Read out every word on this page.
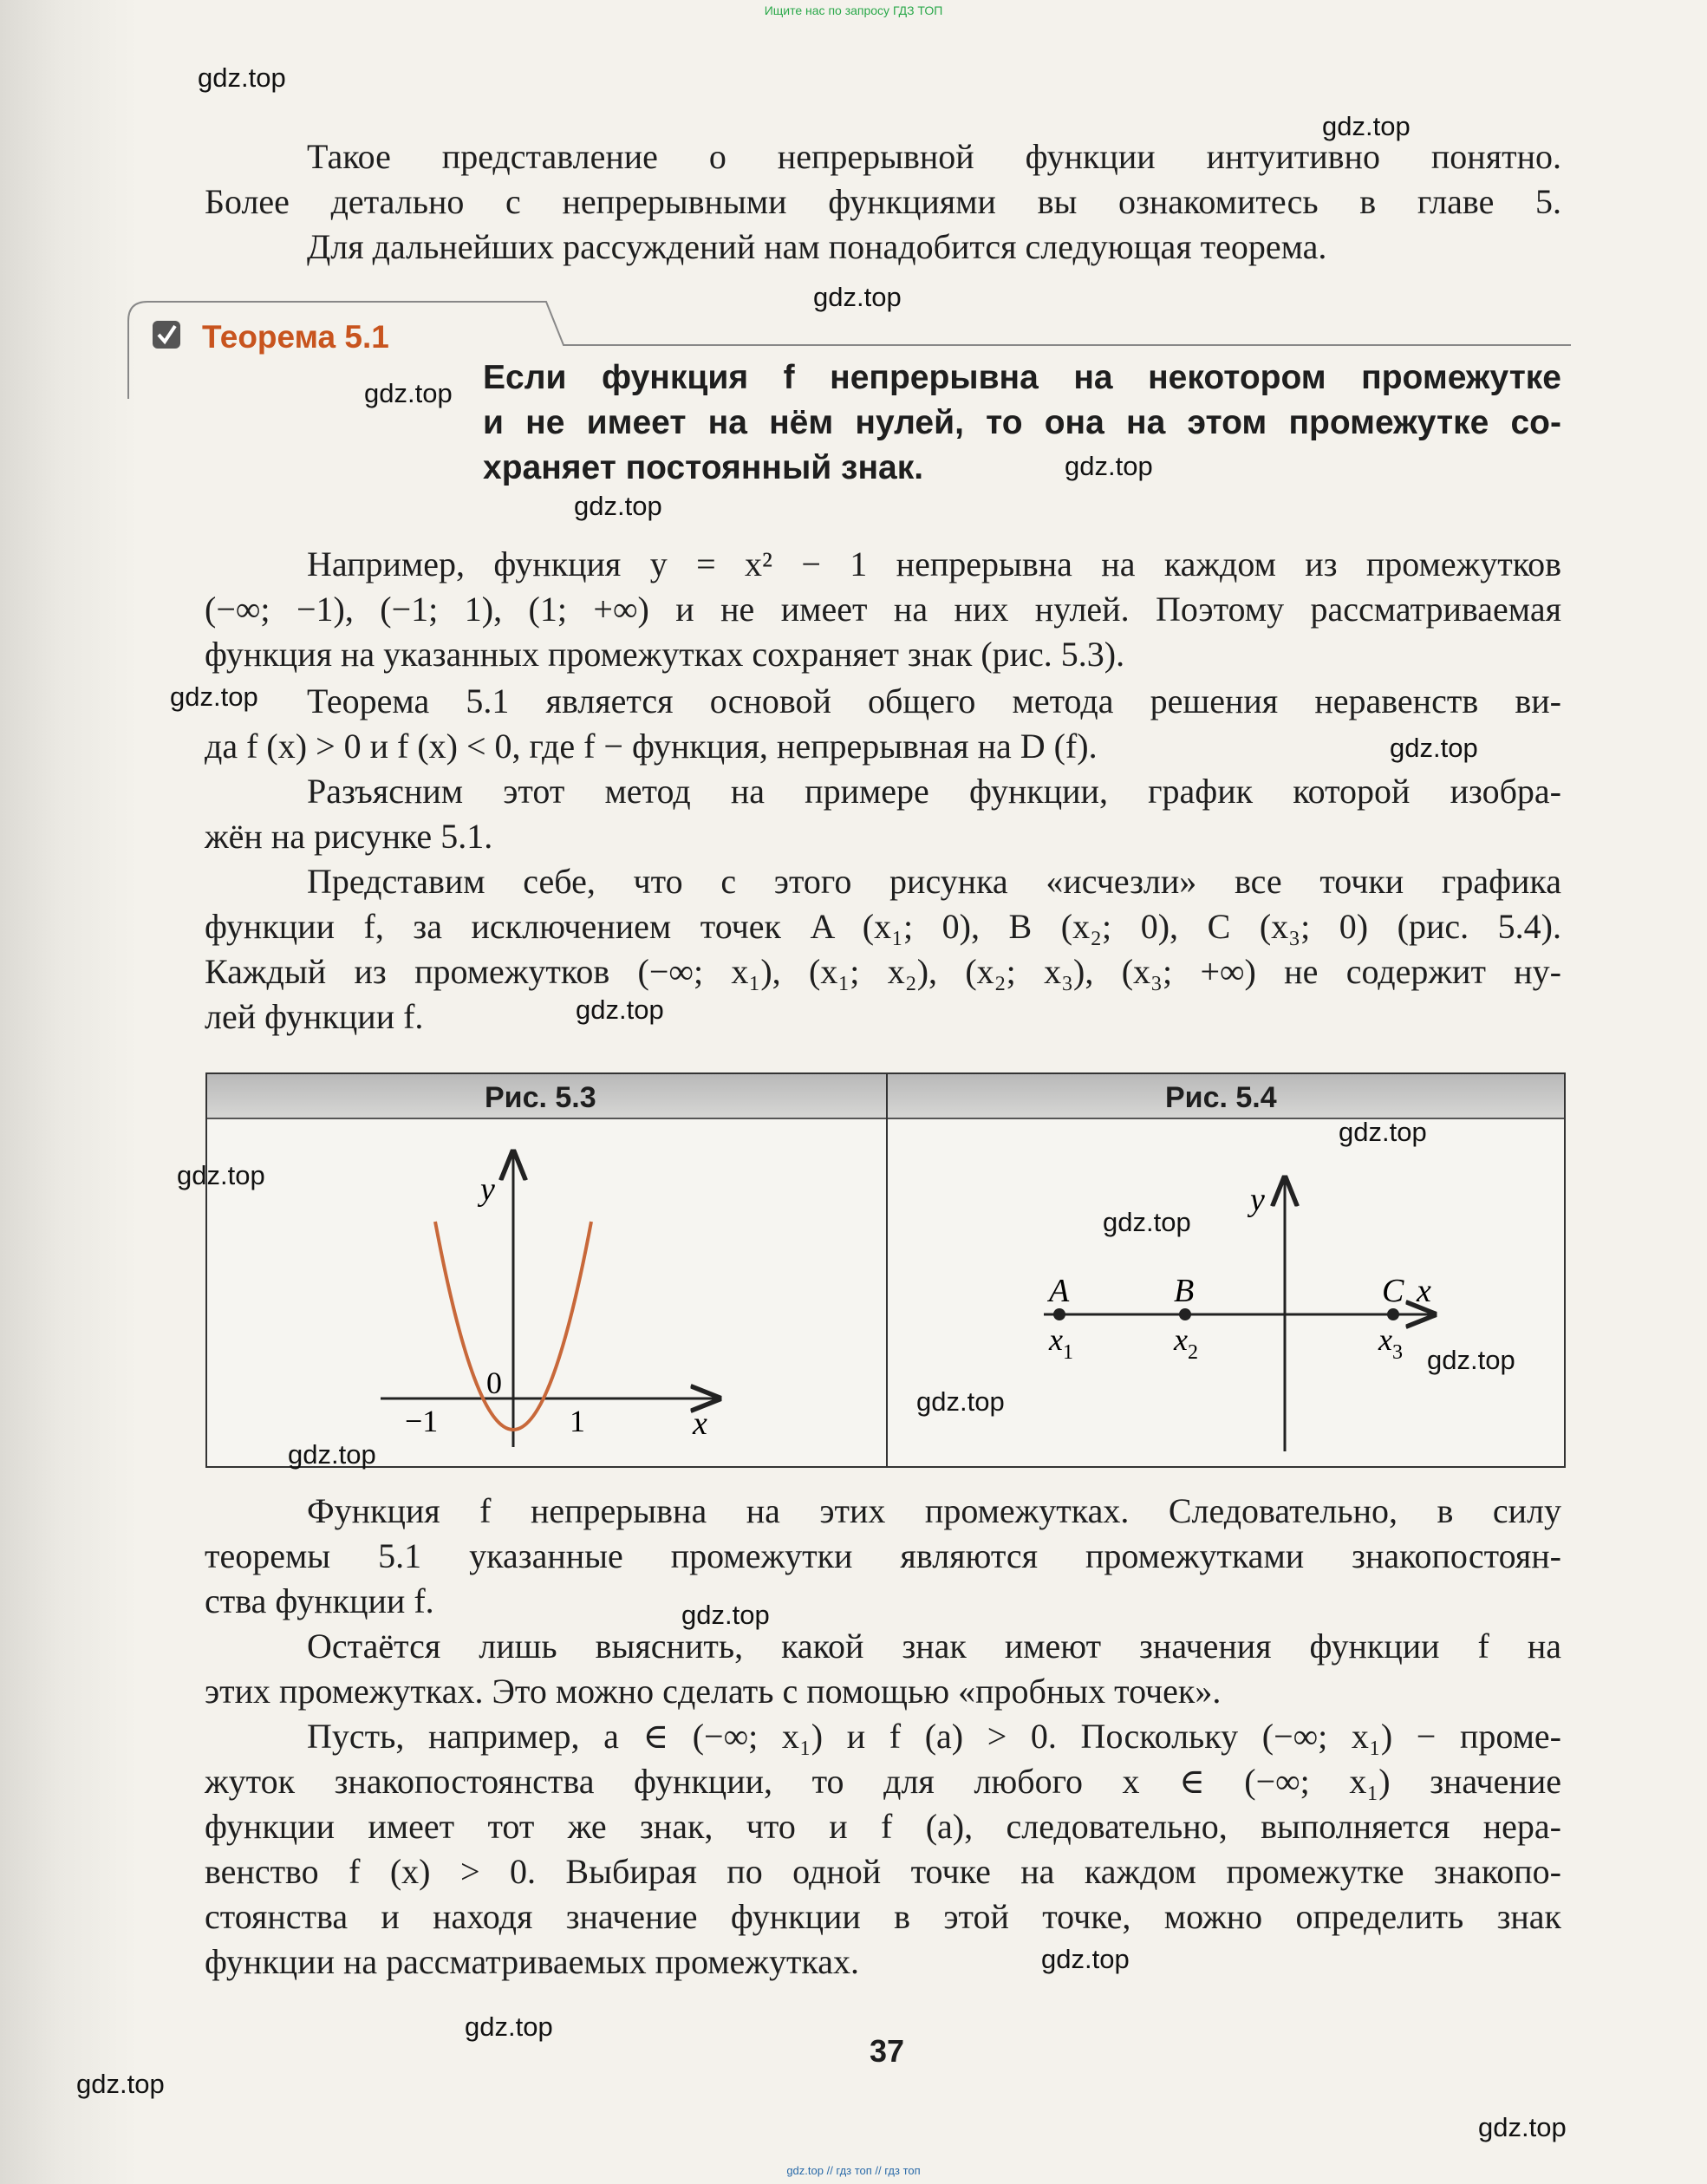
Ищите нас по запросу ГДЗ ТОП
Такое представление о непрерывной функции интуитивно понятно.
Более детально с непрерывными функциями вы ознакомитесь в главе 5.
Для дальнейших рассуждений нам понадобится следующая теорема.
Теорема 5.1
Если функция f непрерывна на некотором промежутке
и не имеет на нём нулей, то она на этом промежутке со-
храняет постоянный знак.
Например, функция y = x² − 1 непрерывна на каждом из промежутков
(−∞; −1), (−1; 1), (1; +∞) и не имеет на них нулей. Поэтому рассматриваемая
функция на указанных промежутках сохраняет знак (рис. 5.3).
Теорема 5.1 является основой общего метода решения неравенств ви-
да f (x) > 0 и f (x) < 0, где f − функция, непрерывная на D (f).
Разъясним этот метод на примере функции, график которой изобра-
жён на рисунке 5.1.
Представим себе, что с этого рисунка «исчезли» все точки графика
функции f, за исключением точек A (x₁; 0), B (x₂; 0), C (x₃; 0) (рис. 5.4).
Каждый из промежутков (−∞; x₁), (x₁; x₂), (x₂; x₃), (x₃; +∞) не содержит ну-
лей функции f.
Рис. 5.3	Рис. 5.4
y
x
0
−1	1
y
x
A
$x_1$
B
$x_2$
C
$x_3$
Функция f непрерывна на этих промежутках. Следовательно, в силу
теоремы 5.1 указанные промежутки являются промежутками знакопостоян-
ства функции f.
Остаётся лишь выяснить, какой знак имеют значения функции f на
этих промежутках. Это можно сделать с помощью «пробных точек».
Пусть, например, a ∈ (−∞; x₁) и f (a) > 0. Поскольку (−∞; x₁) − проме-
жуток знакопостоянства функции, то для любого x ∈ (−∞; x₁) значение
функции имеет тот же знак, что и f (a), следовательно, выполняется нера-
венство f (x) > 0. Выбирая по одной точке на каждом промежутке знакопо-
стоянства и находя значение функции в этой точке, можно определить знак
функции на рассматриваемых промежутках.
37
gdz.top
gdz.top
gdz.top
gdz.top
gdz.top
gdz.top
gdz.top
gdz.top
gdz.top
gdz.top
gdz.top
gdz.top
gdz.top
gdz.top
gdz.top
gdz.top
gdz.top
gdz.top
gdz.top
gdz.top
gdz.top // гдз топ // гдз топ
